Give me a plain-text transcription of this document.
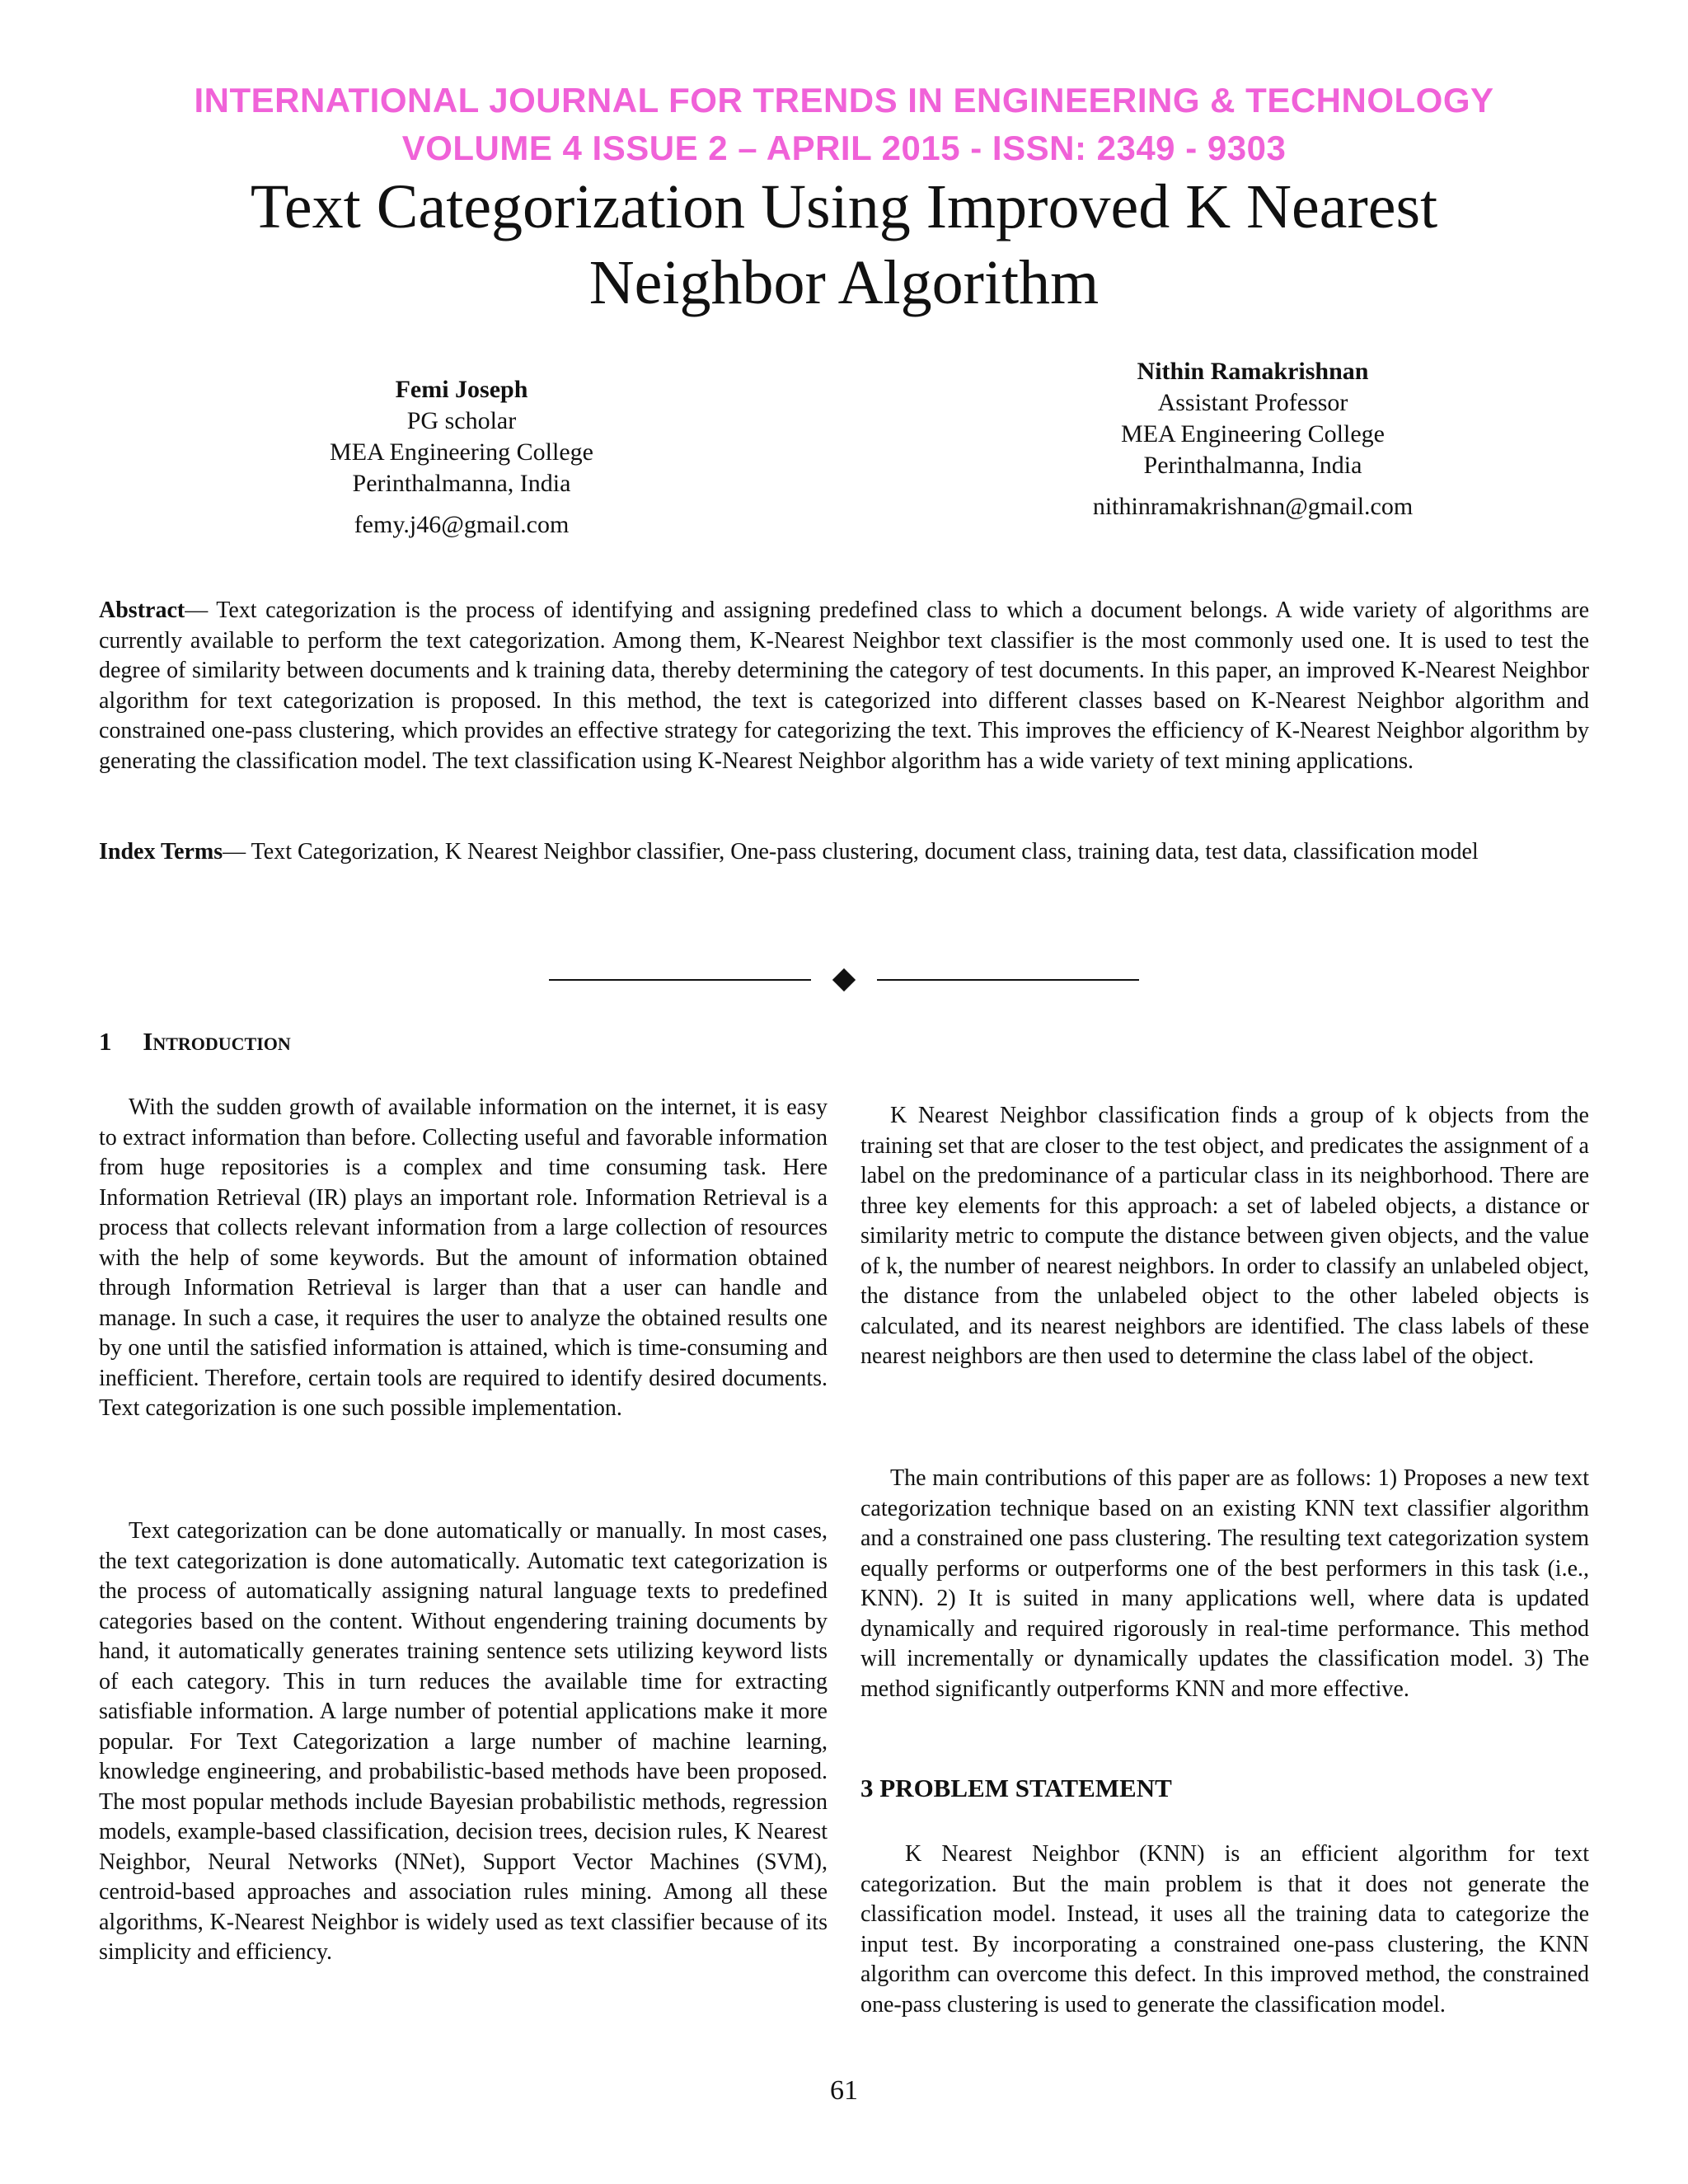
INTERNATIONAL JOURNAL FOR TRENDS IN ENGINEERING & TECHNOLOGY
VOLUME 4 ISSUE 2 – APRIL 2015 - ISSN: 2349 - 9303
Text Categorization Using Improved K Nearest
Neighbor Algorithm
Femi Joseph
PG scholar
MEA Engineering College
Perinthalmanna, India
femy.j46@gmail.com
Nithin Ramakrishnan
Assistant Professor
MEA Engineering College
Perinthalmanna, India
nithinramakrishnan@gmail.com
Abstract— Text categorization is the process of identifying and assigning predefined class to which a document belongs. A wide variety of algorithms are currently available to perform the text categorization. Among them, K-Nearest Neighbor text classifier is the most commonly used one. It is used to test the degree of similarity between documents and k training data, thereby determining the category of test documents. In this paper, an improved K-Nearest Neighbor algorithm for text categorization is proposed. In this method, the text is categorized into different classes based on K-Nearest Neighbor algorithm and constrained one-pass clustering, which provides an effective strategy for categorizing the text. This improves the efficiency of K-Nearest Neighbor algorithm by generating the classification model. The text classification using K-Nearest Neighbor algorithm has a wide variety of text mining applications.
Index Terms— Text Categorization, K Nearest Neighbor classifier, One-pass clustering, document class, training data, test data, classification model
1 Introduction
With the sudden growth of available information on the internet, it is easy to extract information than before. Collecting useful and favorable information from huge repositories is a complex and time consuming task. Here Information Retrieval (IR) plays an important role. Information Retrieval is a process that collects relevant information from a large collection of resources with the help of some keywords. But the amount of information obtained through Information Retrieval is larger than that a user can handle and manage. In such a case, it requires the user to analyze the obtained results one by one until the satisfied information is attained, which is time-consuming and inefficient. Therefore, certain tools are required to identify desired documents. Text categorization is one such possible implementation.
Text categorization can be done automatically or manually. In most cases, the text categorization is done automatically. Automatic text categorization is the process of automatically assigning natural language texts to predefined categories based on the content. Without engendering training documents by hand, it automatically generates training sentence sets utilizing keyword lists of each category. This in turn reduces the available time for extracting satisfiable information. A large number of potential applications make it more popular. For Text Categorization a large number of machine learning, knowledge engineering, and probabilistic-based methods have been proposed. The most popular methods include Bayesian probabilistic methods, regression models, example-based classification, decision trees, decision rules, K Nearest Neighbor, Neural Networks (NNet), Support Vector Machines (SVM), centroid-based approaches and association rules mining. Among all these algorithms, K-Nearest Neighbor is widely used as text classifier because of its simplicity and efficiency.
K Nearest Neighbor classification finds a group of k objects from the training set that are closer to the test object, and predicates the assignment of a label on the predominance of a particular class in its neighborhood. There are three key elements for this approach: a set of labeled objects, a distance or similarity metric to compute the distance between given objects, and the value of k, the number of nearest neighbors. In order to classify an unlabeled object, the distance from the unlabeled object to the other labeled objects is calculated, and its nearest neighbors are identified. The class labels of these nearest neighbors are then used to determine the class label of the object.
The main contributions of this paper are as follows: 1) Proposes a new text categorization technique based on an existing KNN text classifier algorithm and a constrained one pass clustering. The resulting text categorization system equally performs or outperforms one of the best performers in this task (i.e., KNN). 2) It is suited in many applications well, where data is updated dynamically and required rigorously in real-time performance. This method will incrementally or dynamically updates the classification model. 3) The method significantly outperforms KNN and more effective.
3 PROBLEM STATEMENT
K Nearest Neighbor (KNN) is an efficient algorithm for text categorization. But the main problem is that it does not generate the classification model. Instead, it uses all the training data to categorize the input test. By incorporating a constrained one-pass clustering, the KNN algorithm can overcome this defect. In this improved method, the constrained one-pass clustering is used to generate the classification model.
61
